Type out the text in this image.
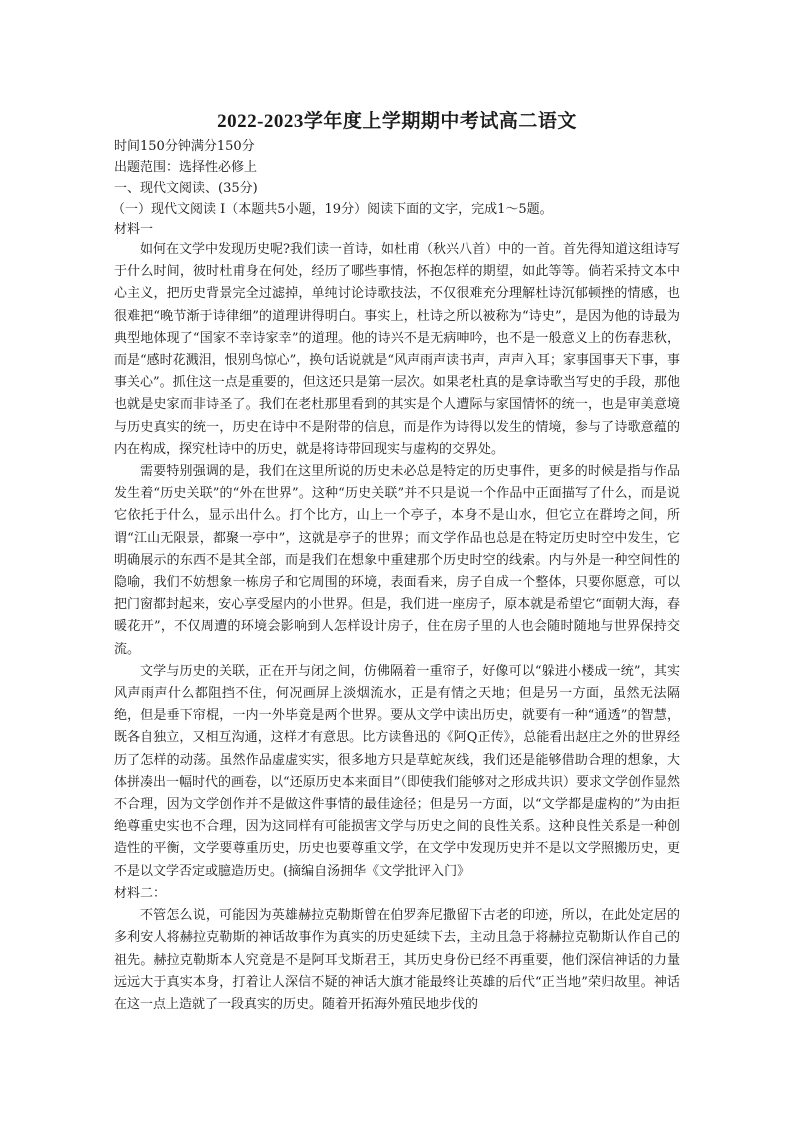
2022-2023学年度上学期期中考试高二语文
时间150分钟满分150分
出题范围：选择性必修上
一、现代文阅读、(35分)
（一）现代文阅读 I（本题共5小题，19分）阅读下面的文字，完成1～5题。
材料一

如何在文学中发现历史呢?我们读一首诗，如杜甫（秋兴八首）中的一首。首先得知道这组诗写于什么时间，彼时杜甫身在何处，经历了哪些事情，怀抱怎样的期望，如此等等。倘若采持文本中心主义，把历史背景完全过滤掉，单纯讨论诗歌技法，不仅很难充分理解杜诗沉郁顿挫的情感，也很难把“晚节渐于诗律细”的道理讲得明白。事实上，杜诗之所以被称为“诗史”，是因为他的诗最为典型地体现了“国家不幸诗家幸”的道理。他的诗兴不是无病呻吟，也不是一般意义上的伤春悲秋，而是“感时花溅泪，恨别鸟惊心”，换句话说就是“风声雨声读书声，声声入耳；家事国事天下事，事事关心”。抓住这一点是重要的，但这还只是第一层次。如果老杜真的是拿诗歌当写史的手段，那他也就是史家而非诗圣了。我们在老杜那里看到的其实是个人遭际与家国情怀的统一，也是审美意境与历史真实的统一，历史在诗中不是附带的信息，而是作为诗得以发生的情境，参与了诗歌意蕴的内在构成，探究杜诗中的历史，就是将诗带回现实与虚构的交界处。

需要特别强调的是，我们在这里所说的历史未必总是特定的历史事件，更多的时候是指与作品发生着“历史关联”的“外在世界”。这种“历史关联”并不只是说一个作品中正面描写了什么，而是说它依托于什么，显示出什么。打个比方，山上一个亭子，本身不是山水，但它立在群垮之间，所谓“江山无限景，都聚一亭中”，这就是亭子的世界；而文学作品也总是在特定历史时空中发生，它明确展示的东西不是其全部，而是我们在想象中重建那个历史时空的线索。内与外是一种空间性的隐喻，我们不妨想象一栋房子和它周围的环境，表面看来，房子自成一个整体，只要你愿意，可以把门窗都封起来，安心享受屋内的小世界。但是，我们进一座房子，原本就是希望它“面朝大海，春暖花开”，不仅周遭的环境会影响到人怎样设计房子，住在房子里的人也会随时随地与世界保持交流。

文学与历史的关联，正在开与闭之间，仿佛隔着一重帘子，好像可以“躲进小楼成一统”，其实风声雨声什么都阻挡不住，何况画屏上淡烟流水，正是有情之天地；但是另一方面，虽然无法隔绝，但是垂下帘棍，一内一外毕竟是两个世界。要从文学中读出历史，就要有一种“通透”的智慧，既各自独立，又相互沟通，这样才有意思。比方读鲁迅的《阿Q正传》，总能看出赵庄之外的世界经历了怎样的动荡。虽然作品虚虚实实，很多地方只是草蛇灰线，我们还是能够借助合理的想象，大体拼凑出一幅时代的画卷，以“还原历史本来面目”（即使我们能够对之形成共识）要求文学创作显然不合理，因为文学创作并不是做这件事情的最佳途径；但是另一方面，以“文学都是虚构的”为由拒绝尊重史实也不合理，因为这同样有可能损害文学与历史之间的良性关系。这种良性关系是一种创造性的平衡，文学要尊重历史，历史也要尊重文学，在文学中发现历史并不是以文学照搬历史，更不是以文学否定或臆造历史。(摘编自汤拥华《文学批评入门》

材料二：

不管怎么说，可能因为英雄赫拉克勒斯曾在伯罗奔尼撒留下古老的印迹，所以，在此处定居的多利安人将赫拉克勒斯的神话故事作为真实的历史延续下去，主动且急于将赫拉克勒斯认作自己的祖先。赫拉克勒斯本人究竟是不是阿耳戈斯君王，其历史身份已经不再重要，他们深信神话的力量远远大于真实本身，打着让人深信不疑的神话大旗才能最终让英雄的后代“正当地”荣归故里。神话在这一点上造就了一段真实的历史。随着开拓海外殖民地步伐的
